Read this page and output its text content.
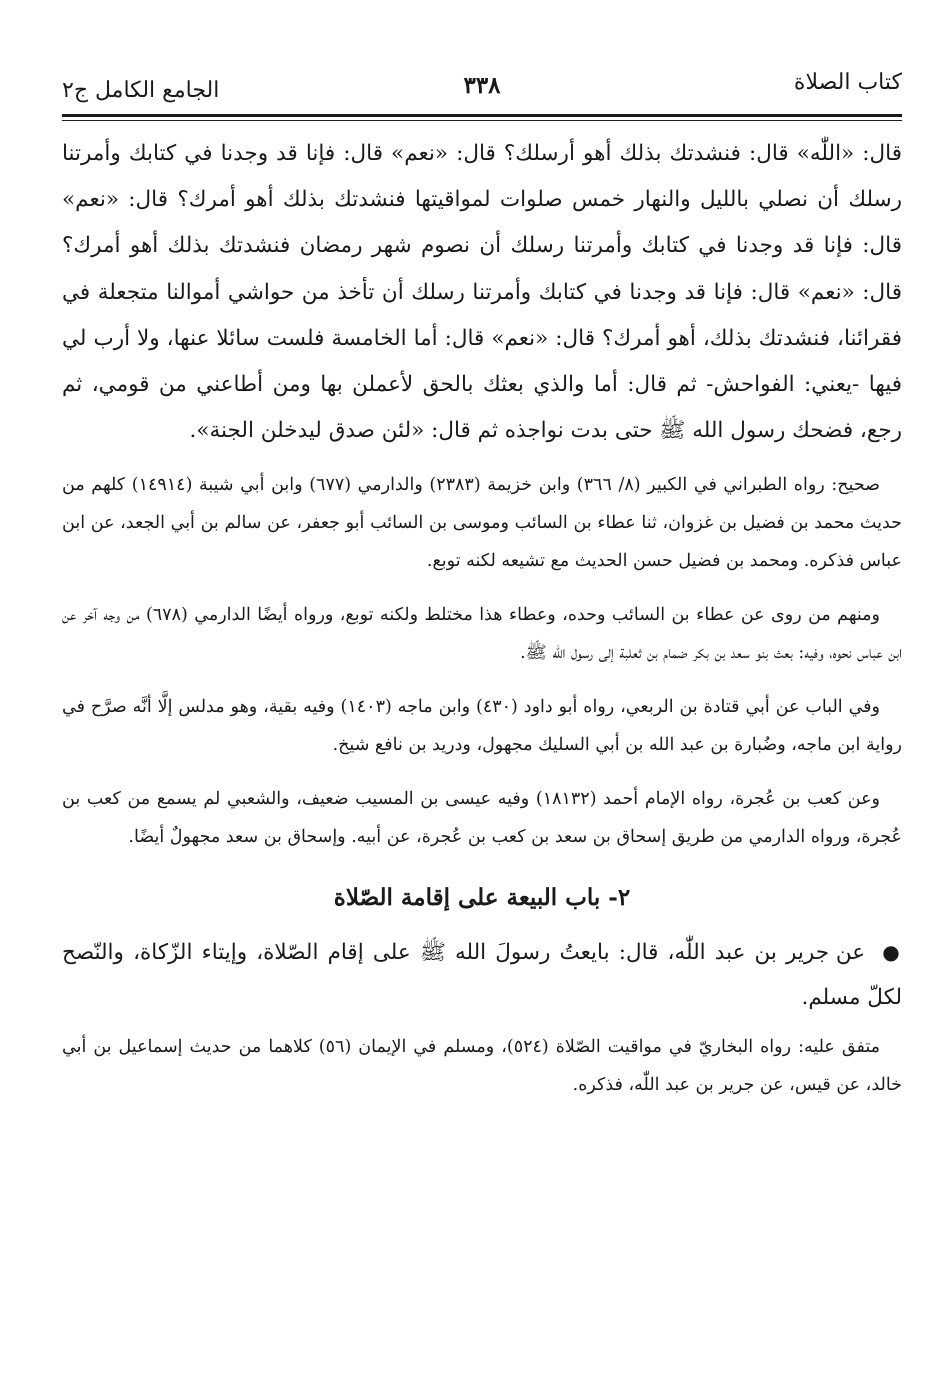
كتاب الصلاة
٣٣٨
الجامع الكامل ج٢

قال: «اللّٰه» قال: فنشدتك بذلك أهو أرسلك؟ قال: «نعم» قال: فإنا قد وجدنا في كتابك وأمرتنا رسلك أن نصلي بالليل والنهار خمس صلوات لمواقيتها فنشدتك بذلك أهو أمرك؟ قال: «نعم» قال: فإنا قد وجدنا في كتابك وأمرتنا رسلك أن نصوم شهر رمضان فنشدتك بذلك أهو أمرك؟ قال: «نعم» قال: فإنا قد وجدنا في كتابك وأمرتنا رسلك أن تأخذ من حواشي أموالنا متجعلة في فقرائنا، فنشدتك بذلك، أهو أمرك؟ قال: «نعم» قال: أما الخامسة فلست سائلا عنها، ولا أرب لي فيها -يعني: الفواحش- ثم قال: أما والذي بعثك بالحق لأعملن بها ومن أطاعني من قومي، ثم رجع، فضحك رسول الله ﷺ حتى بدت نواجذه ثم قال: «لئن صدق ليدخلن الجنة».

صحيح: رواه الطبراني في الكبير (٨/ ٣٦٦) وابن خزيمة (٢٣٨٣) والدارمي (٦٧٧) وابن أبي شيبة (١٤٩١٤) كلهم من حديث محمد بن فضيل بن غزوان، ثنا عطاء بن السائب وموسى بن السائب أبو جعفر، عن سالم بن أبي الجعد، عن ابن عباس فذكره. ومحمد بن فضيل حسن الحديث مع تشيعه لكنه توبع.

ومنهم من روى عن عطاء بن السائب وحده، وعطاء هذا مختلط ولكنه توبع، ورواه أيضًا الدارمي (٦٧٨) من وجه آخر عن ابن عباس نحوه، وفيه: بعث بنو سعد بن بكر ضمام بن ثعلبة إلى رسول الله ﷺ.

وفي الباب عن أبي قتادة بن الربعي، رواه أبو داود (٤٣٠) وابن ماجه (١٤٠٣) وفيه بقية، وهو مدلس إلَّا أنَّه صرَّح في رواية ابن ماجه، وضُبارة بن عبد الله بن أبي السليك مجهول، ودريد بن نافع شيخ.

وعن كعب بن عُجرة، رواه الإمام أحمد (١٨١٣٢) وفيه عيسى بن المسيب ضعيف، والشعبي لم يسمع من كعب بن عُجرة، ورواه الدارمي من طريق إسحاق بن سعد بن كعب بن عُجرة، عن أبيه. وإسحاق بن سعد مجهولٌ أيضًا.

٢- باب البيعة على إقامة الصّلاة

● عن جرير بن عبد اللّٰه، قال: بايعتُ رسولَ الله ﷺ على إقام الصّلاة، وإيتاء الزّكاة، والنّصح لكلّ مسلم.

متفق عليه: رواه البخاريّ في مواقيت الصّلاة (٥٢٤)، ومسلم في الإيمان (٥٦) كلاهما من حديث إسماعيل بن أبي خالد، عن قيس، عن جرير بن عبد اللّٰه، فذكره.
